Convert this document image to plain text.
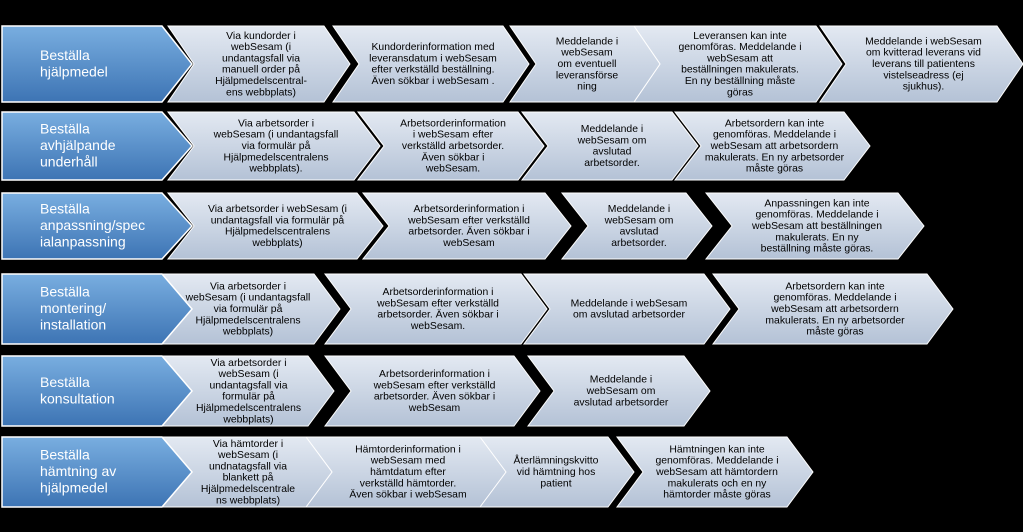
Meddelande i webSesam om kvitterad leverans vid leverans till patientens vistelseadress (ej sjukhus).
Leveransen kan inte genomföras. Meddelande i webSesam att beställningen makulerats. En ny beställning måste göras
Meddelande i webSesam om eventuell leveransförse ning
Kundorderinformation med leveransdatum i webSesam efter verkställd beställning. Även sökbar i webSesam .
Via kundorder i webSesam (i undantagsfall via manuell order på Hjälpmedelscentral-ens webbplats)
Beställa hjälpmedel
Arbetsordern kan inte genomföras. Meddelande i webSesam att arbetsordern makulerats. En ny arbetsorder måste göras
Meddelande i webSesam om avslutad arbetsorder.
Arbetsorderinformation i webSesam efter verkställd arbetsorder. Även sökbar i webSesam.
Via arbetsorder i webSesam (i undantagsfall via formulär på Hjälpmedelscentralens webbplats).
Beställa avhjälpande underhåll
Anpassningen kan inte genomföras. Meddelande i webSesam att beställningen makulerats. En ny beställning måste göras.
Meddelande i webSesam om avslutad arbetsorder.
Arbetsorderinformation i webSesam efter verkställd arbetsorder. Även sökbar i webSesam
Via arbetsorder i webSesam (i undantagsfall via formulär på Hjälpmedelscentralens webbplats)
Beställa anpassning/spec ialanpassning
Arbetsordern kan inte genomföras. Meddelande i webSesam att arbetsordern makulerats. En ny arbetsorder måste göras
Meddelande i webSesam om avslutad arbetsorder
Arbetsorderinformation i webSesam efter verkställd arbetsorder. Även sökbar i webSesam.
Via arbetsorder i webSesam (i undantagsfall via formulär på Hjälpmedelscentralens webbplats)
Beställa montering/ installation
Meddelande i webSesam om avslutad arbetsorder
Arbetsorderinformation i webSesam efter verkställd arbetsorder. Även sökbar i webSesam
Via arbetsorder i webSesam (i undantagsfall via formulär på Hjälpmedelscentralens webbplats)
Beställa konsultation
Hämtningen kan inte genomföras. Meddelande i webSesam att hämtordern makulerats och en ny hämtorder måste göras
Återlämningskvitto vid hämtning hos patient
Hämtorderinformation i webSesam med hämtdatum efter verkställd hämtorder. Även sökbar i webSesam
Via hämtorder i webSesam (i undnatagsfall via blankett på Hjälpmedelscentrale ns webbplats)
Beställa hämtning av hjälpmedel
